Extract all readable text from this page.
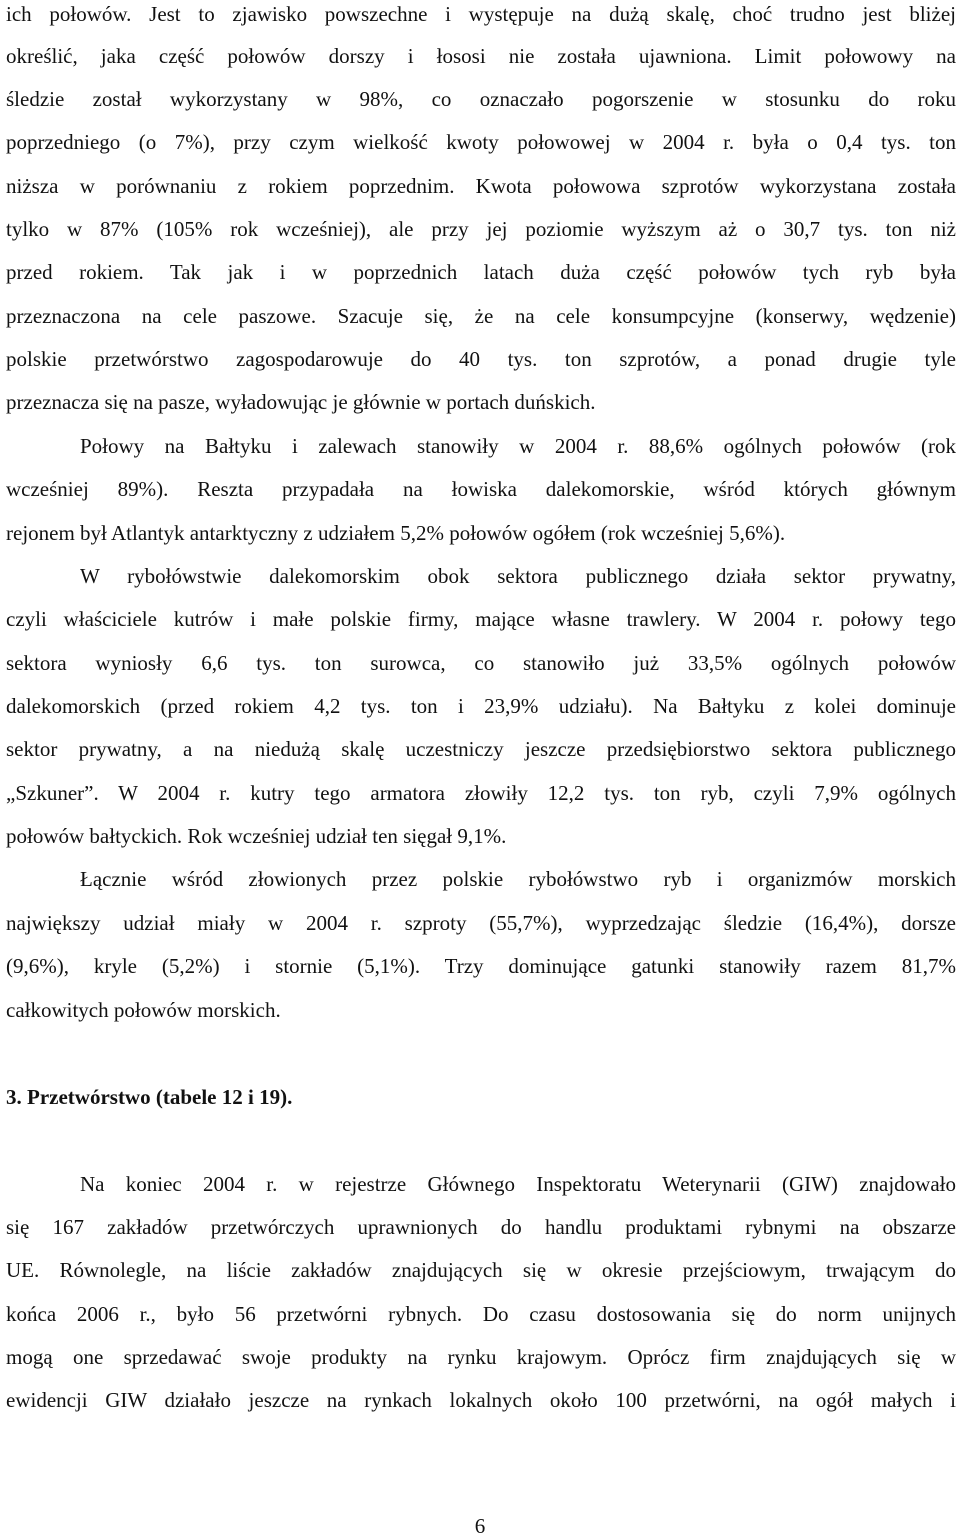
ich połowów. Jest to zjawisko powszechne i występuje na dużą skalę, choć trudno jest bliżej
określić, jaka część połowów dorszy i łososi nie została ujawniona. Limit połowowy na
śledzie został wykorzystany w 98%, co oznaczało pogorszenie w stosunku do roku
poprzedniego (o 7%), przy czym wielkość kwoty połowowej w 2004 r. była o 0,4 tys. ton
niższa w porównaniu z rokiem poprzednim. Kwota połowowa szprotów wykorzystana została
tylko w 87% (105% rok wcześniej), ale przy jej poziomie wyższym aż o 30,7 tys. ton niż
przed rokiem. Tak jak i w poprzednich latach duża część połowów tych ryb była
przeznaczona na cele paszowe. Szacuje się, że na cele konsumpcyjne (konserwy, wędzenie)
polskie przetwórstwo zagospodarowuje do 40 tys. ton szprotów, a ponad drugie tyle
przeznacza się na pasze, wyładowując je głównie w portach duńskich.
Połowy na Bałtyku i zalewach stanowiły w 2004 r. 88,6% ogólnych połowów (rok
wcześniej 89%). Reszta przypadała na łowiska dalekomorskie, wśród których głównym
rejonem był Atlantyk antarktyczny z udziałem 5,2% połowów ogółem (rok wcześniej 5,6%).
W rybołówstwie dalekomorskim obok sektora publicznego działa sektor prywatny,
czyli właściciele kutrów i małe polskie firmy, mające własne trawlery. W 2004 r. połowy tego
sektora wyniosły 6,6 tys. ton surowca, co stanowiło już 33,5% ogólnych połowów
dalekomorskich (przed rokiem 4,2 tys. ton i 23,9% udziału). Na Bałtyku z kolei dominuje
sektor prywatny, a na niedużą skalę uczestniczy jeszcze przedsiębiorstwo sektora publicznego
„Szkuner”. W 2004 r. kutry tego armatora złowiły 12,2 tys. ton ryb, czyli 7,9% ogólnych
połowów bałtyckich. Rok wcześniej udział ten sięgał 9,1%.
Łącznie wśród złowionych przez polskie rybołówstwo ryb i organizmów morskich
największy udział miały w 2004 r. szproty (55,7%), wyprzedzając śledzie (16,4%), dorsze
(9,6%), kryle (5,2%) i stornie (5,1%). Trzy dominujące gatunki stanowiły razem 81,7%
całkowitych połowów morskich.
3. Przetwórstwo (tabele 12 i 19).
Na koniec 2004 r. w rejestrze Głównego Inspektoratu Weterynarii (GIW) znajdowało
się 167 zakładów przetwórczych uprawnionych do handlu produktami rybnymi na obszarze
UE. Równolegle, na liście zakładów znajdujących się w okresie przejściowym, trwającym do
końca 2006 r., było 56 przetwórni rybnych. Do czasu dostosowania się do norm unijnych
mogą one sprzedawać swoje produkty na rynku krajowym. Oprócz firm znajdujących się w
ewidencji GIW działało jeszcze na rynkach lokalnych około 100 przetwórni, na ogół małych i
6
